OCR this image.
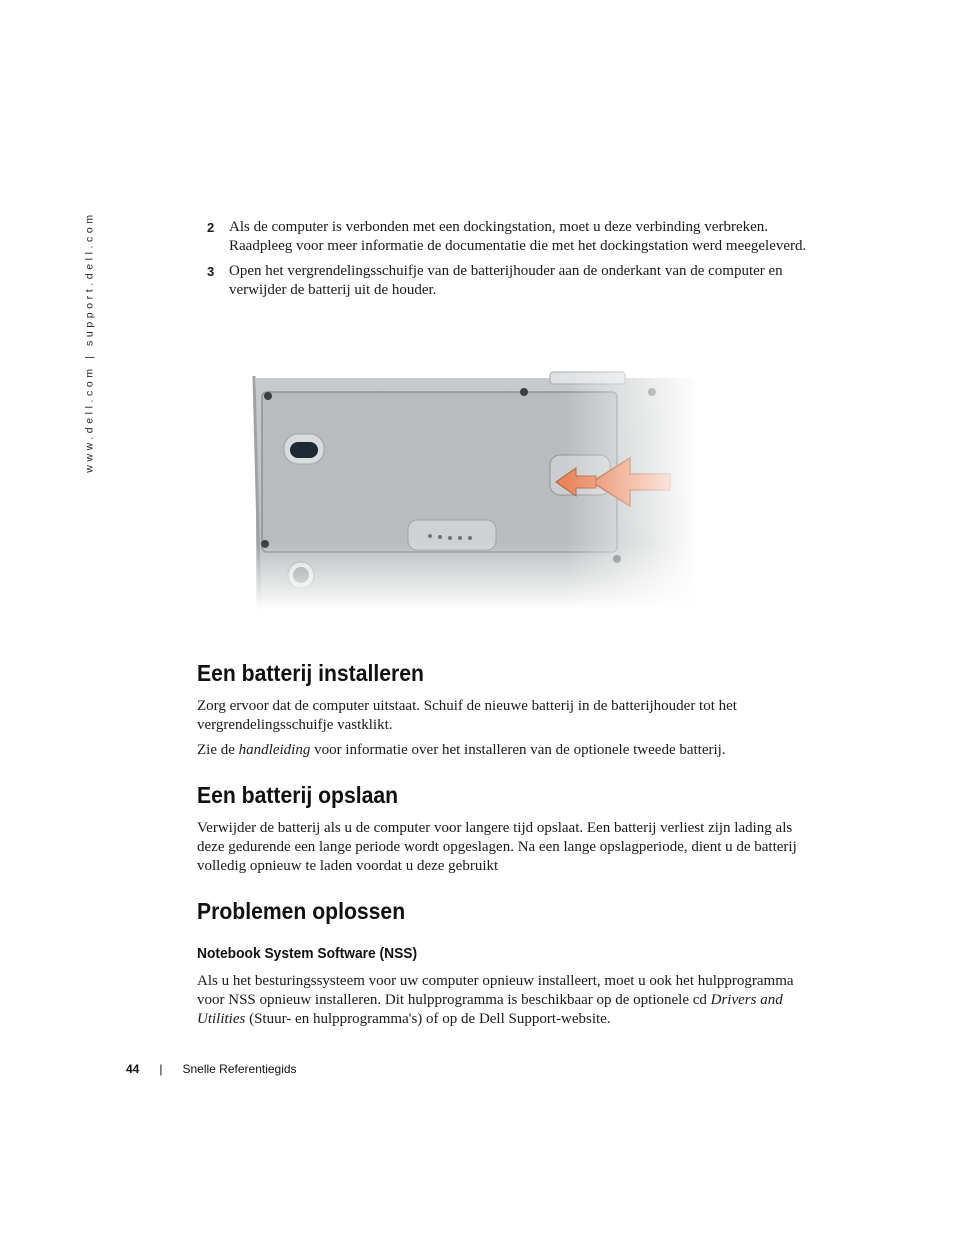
www.dell.com | support.dell.com	2 Als de computer is verbonden met een dockingstation, moet u deze verbinding verbreken. Raadpleeg voor meer informatie de documentatie die met het dockingstation werd meegeleverd.
3 Open het vergrendelingsschuifje van de batterijhouder aan de onderkant van de computer en verwijder de batterij uit de houder.
Een batterij installeren

Zorg ervoor dat de computer uitstaat. Schuif de nieuwe batterij in de batterijhouder tot het vergrendelingsschuifje vastklikt.

Zie de handleiding voor informatie over het installeren van de optionele tweede batterij.

Een batterij opslaan

Verwijder de batterij als u de computer voor langere tijd opslaat. Een batterij verliest zijn lading als deze gedurende een lange periode wordt opgeslagen. Na een lange opslagperiode, dient u de batterij volledig opnieuw te laden voordat u deze gebruikt

Problemen oplossen
Notebook System Software (NSS)

Als u het besturingssysteem voor uw computer opnieuw installeert, moet u ook het hulpprogramma voor NSS opnieuw installeren. Dit hulpprogramma is beschikbaar op de optionele cd Drivers and Utilities (Stuur- en hulpprogramma's) of op de Dell Support-website.

44 | Snelle Referentiegids
